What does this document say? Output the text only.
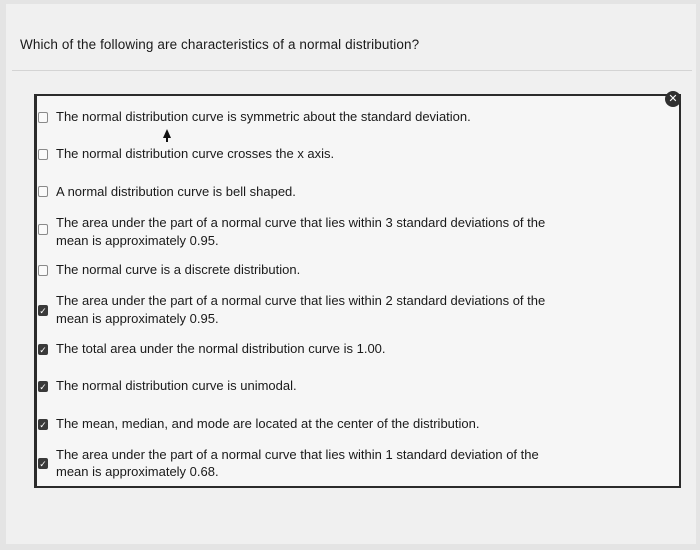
Which of the following are characteristics of a normal distribution?
✕
The normal distribution curve is symmetric about the standard deviation.
The normal distribution curve crosses the x axis.
A normal distribution curve is bell shaped.
The area under the part of a normal curve that lies within 3 standard deviations of the
mean is approximately 0.95.
The normal curve is a discrete distribution.
✓
The area under the part of a normal curve that lies within 2 standard deviations of the
mean is approximately 0.95.
✓ The total area under the normal distribution curve is 1.00.
✓ The normal distribution curve is unimodal.
✓ The mean, median, and mode are located at the center of the distribution.
✓
The area under the part of a normal curve that lies within 1 standard deviation of the
mean is approximately 0.68.
